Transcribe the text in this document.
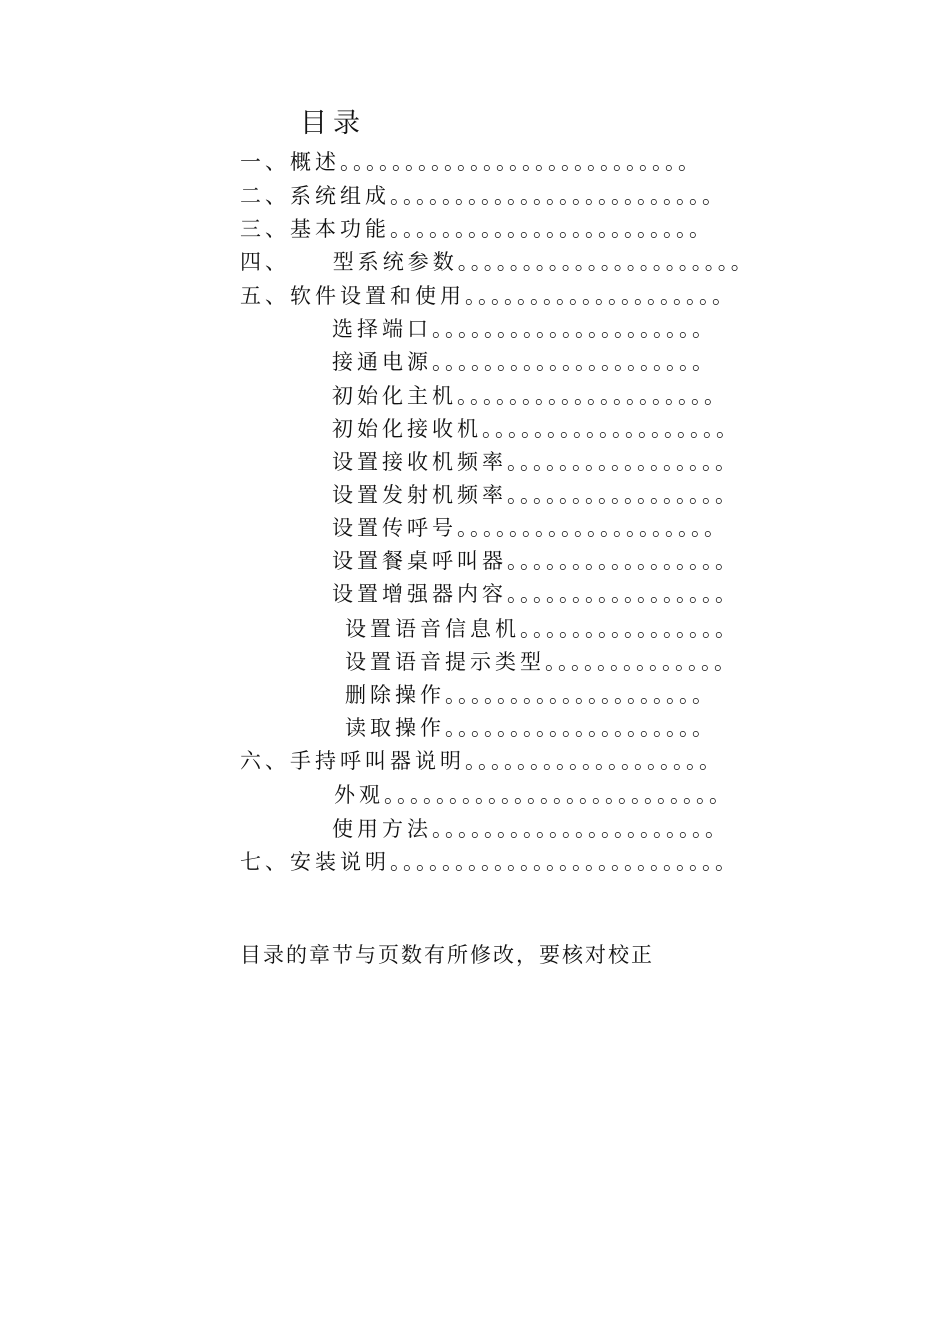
目录
一、概述。。。。。。。。。。。。。。。。。。。。。。。。。。。
二、系统组成。。。。。。。。。。。。。。。。。。。。。。。。。
三、基本功能。。。。。。。。。。。。。。。。。。。。。。。。
四、    型系统参数。。。。。。。。。。。。。。。。。。。。。。
五、软件设置和使用。。。。。。。。。。。。。。。。。。。。
选择端口。。。。。。。。。。。。。。。。。。。。。
接通电源。。。。。。。。。。。。。。。。。。。。。
初始化主机。。。。。。。。。。。。。。。。。。。。
初始化接收机。。。。。。。。。。。。。。。。。。。
设置接收机频率。。。。。。。。。。。。。。。。。
设置发射机频率。。。。。。。。。。。。。。。。。
设置传呼号。。。。。。。。。。。。。。。。。。。。
设置餐桌呼叫器。。。。。。。。。。。。。。。。。
设置增强器内容。。。。。。。。。。。。。。。。。
设置语音信息机。。。。。。。。。。。。。。。。
设置语音提示类型。。。。。。。。。。。。。。
删除操作。。。。。。。。。。。。。。。。。。。。
读取操作。。。。。。。。。。。。。。。。。。。。
六、手持呼叫器说明。。。。。。。。。。。。。。。。。。。
外观。。。。。。。。。。。。。。。。。。。。。。。。。。
使用方法。。。。。。。。。。。。。。。。。。。。。。
七、安装说明。。。。。。。。。。。。。。。。。。。。。。。。。。
目录的章节与页数有所修改，要核对校正
